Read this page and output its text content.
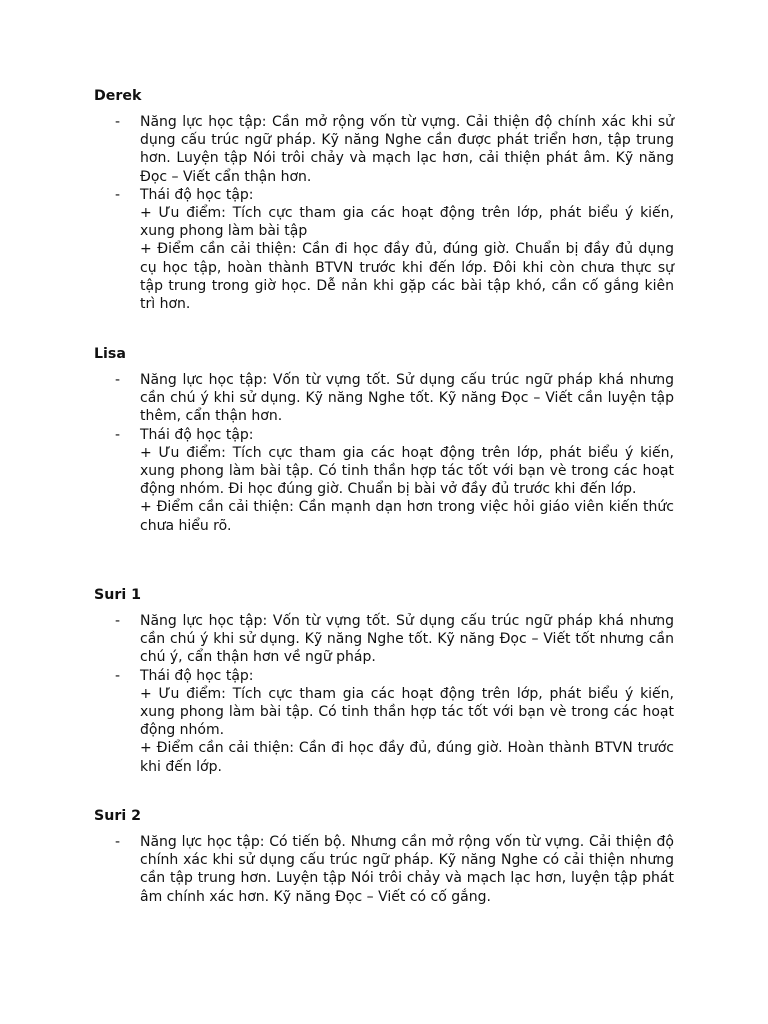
Derek
- Năng lực học tập: Cần mở rộng vốn từ vựng. Cải thiện độ chính xác khi sử dụng cấu trúc ngữ pháp. Kỹ năng Nghe cần được phát triển hơn, tập trung hơn. Luyện tập Nói trôi chảy và mạch lạc hơn, cải thiện phát âm. Kỹ năng Đọc – Viết cẩn thận hơn.

- Thái độ học tập:

+ Ưu điểm: Tích cực tham gia các hoạt động trên lớp, phát biểu ý kiến, xung phong làm bài tập

+ Điểm cần cải thiện: Cần đi học đầy đủ, đúng giờ. Chuẩn bị đầy đủ dụng cụ học tập, hoàn thành BTVN trước khi đến lớp. Đôi khi còn chưa thực sự tập trung trong giờ học. Dễ nản khi gặp các bài tập khó, cần cố gắng kiên trì hơn.

Lisa
- Năng lực học tập: Vốn từ vựng tốt. Sử dụng cấu trúc ngữ pháp khá nhưng cần chú ý khi sử dụng. Kỹ năng Nghe tốt. Kỹ năng Đọc – Viết cần luyện tập thêm, cẩn thận hơn.

- Thái độ học tập:

+ Ưu điểm: Tích cực tham gia các hoạt động trên lớp, phát biểu ý kiến, xung phong làm bài tập. Có tinh thần hợp tác tốt với bạn vè trong các hoạt động nhóm. Đi học đúng giờ. Chuẩn bị bài vở đầy đủ trước khi đến lớp.

+ Điểm cần cải thiện: Cần mạnh dạn hơn trong việc hỏi giáo viên kiến thức chưa hiểu rõ.

Suri 1
- Năng lực học tập: Vốn từ vựng tốt. Sử dụng cấu trúc ngữ pháp khá nhưng cần chú ý khi sử dụng. Kỹ năng Nghe tốt. Kỹ năng Đọc – Viết tốt nhưng cần chú ý, cẩn thận hơn về ngữ pháp.

- Thái độ học tập:

+ Ưu điểm: Tích cực tham gia các hoạt động trên lớp, phát biểu ý kiến, xung phong làm bài tập. Có tinh thần hợp tác tốt với bạn vè trong các hoạt động nhóm.

+ Điểm cần cải thiện: Cần đi học đầy đủ, đúng giờ. Hoàn thành BTVN trước khi đến lớp.

Suri 2
- Năng lực học tập: Có tiến bộ. Nhưng cần mở rộng vốn từ vựng. Cải thiện độ chính xác khi sử dụng cấu trúc ngữ pháp. Kỹ năng Nghe có cải thiện nhưng cần tập trung hơn. Luyện tập Nói trôi chảy và mạch lạc hơn, luyện tập phát âm chính xác hơn. Kỹ năng Đọc – Viết có cố gắng.
